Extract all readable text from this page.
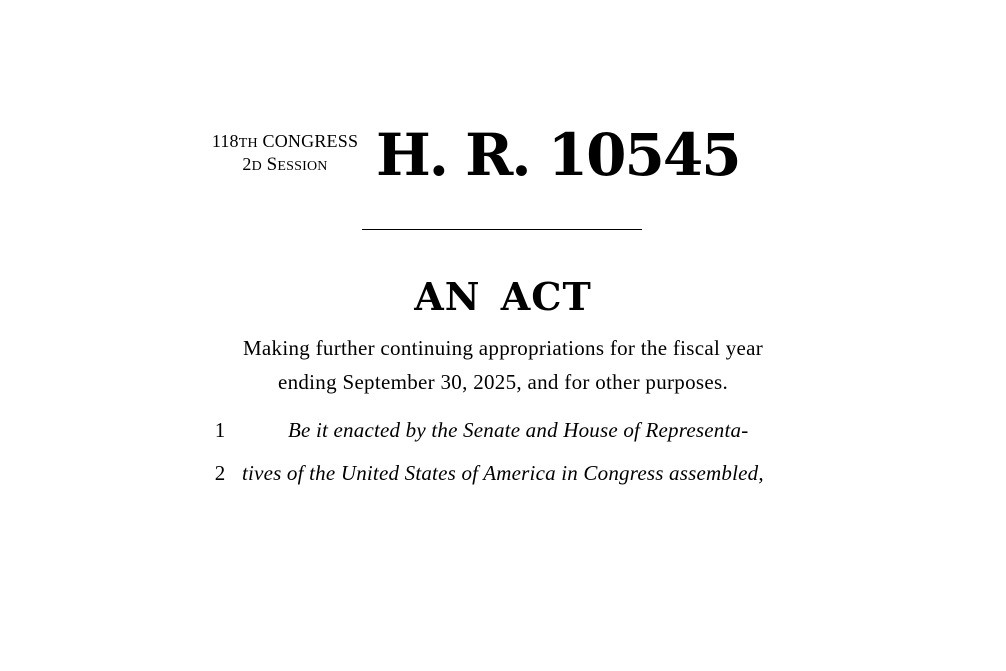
118TH CONGRESS
2D SESSION H. R. 10545
AN ACT
Making further continuing appropriations for the fiscal year
ending September 30, 2025, and for other purposes.
1	Be it enacted by the Senate and House of Representa-
2 tives of the United States of America in Congress assembled,
